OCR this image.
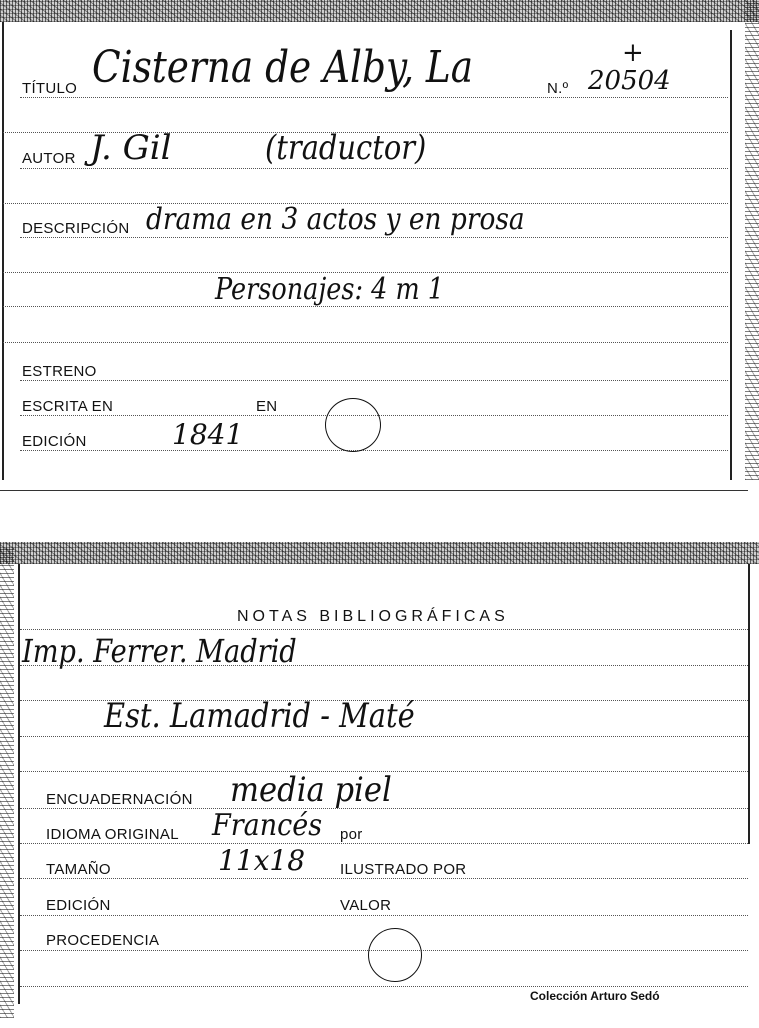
TÍTULO Cisterna de Alby, La	N.º 20504
+
AUTOR J. Gil	(traductor)
DESCRIPCIÓN drama en 3 actos y en prosa
Personajes: 4 m 1
ESTRENO
ESCRITA EN	EN
EDICIÓN	1841
NOTAS BIBLIOGRÁFICAS
Imp. Ferrer. Madrid
Est. Lamadrid - Maté
ENCUADERNACIÓN media piel
IDIOMA ORIGINAL Francés por
TAMAÑO	11x18 ILUSTRADO POR
EDICIÓN	VALOR
PROCEDENCIA
Colección Arturo Sedó
